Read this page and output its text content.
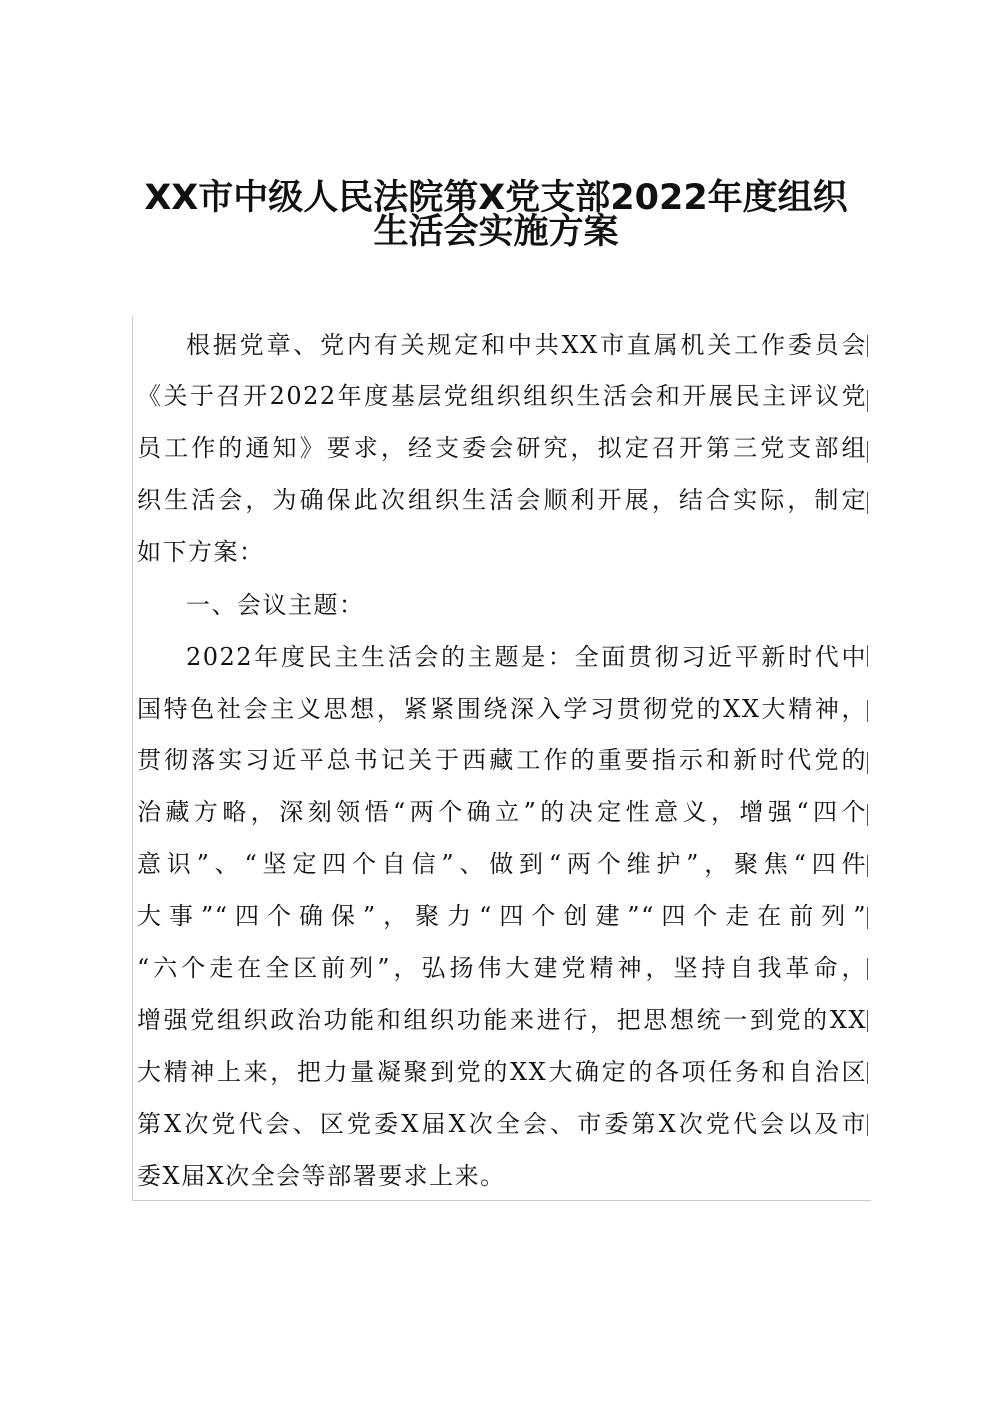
XX市中级人民法院第X党支部2022年度组织
生活会实施方案
根据党章、党内有关规定和中共XX市直属机关工作委员会
《关于召开2022年度基层党组织组织生活会和开展民主评议党
员工作的通知》要求，经支委会研究，拟定召开第三党支部组
织生活会，为确保此次组织生活会顺利开展，结合实际，制定
如下方案：
一、会议主题：
2022年度民主生活会的主题是：全面贯彻习近平新时代中
国特色社会主义思想，紧紧围绕深入学习贯彻党的XX大精神，
贯彻落实习近平总书记关于西藏工作的重要指示和新时代党的
治藏方略，深刻领悟“两个确立”的决定性意义，增强“四个
意识”、“坚定四个自信”、做到“两个维护”，聚焦“四件
大事”“四个确保”，聚力“四个创建”“四个走在前列”
“六个走在全区前列”，弘扬伟大建党精神，坚持自我革命，
增强党组织政治功能和组织功能来进行，把思想统一到党的XX
大精神上来，把力量凝聚到党的XX大确定的各项任务和自治区
第X次党代会、区党委X届X次全会、市委第X次党代会以及市
委X届X次全会等部署要求上来。
